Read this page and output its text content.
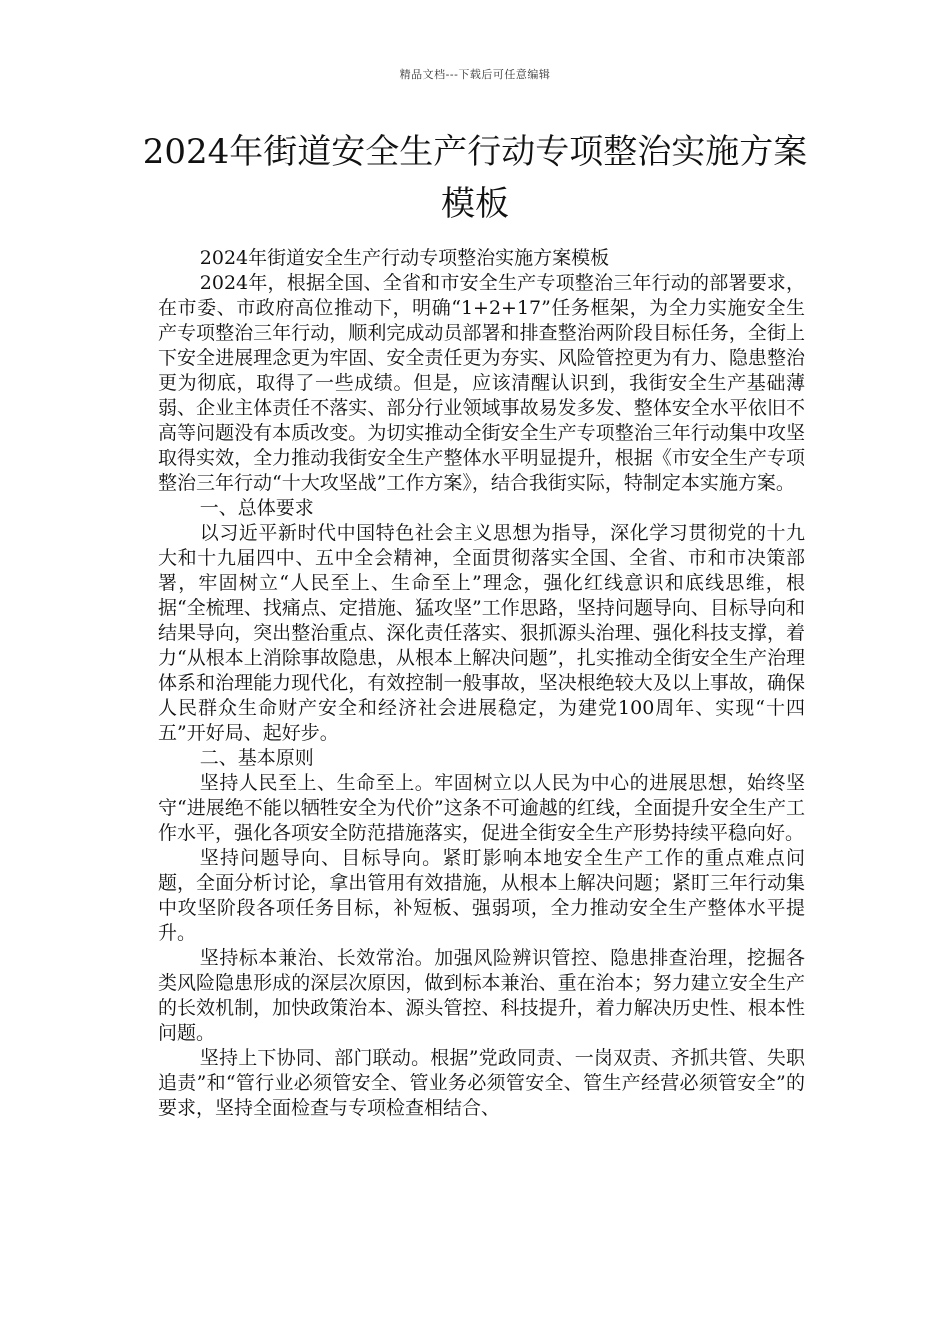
精品文档---下载后可任意编辑
2024年街道安全生产行动专项整治实施方案模板

2024年街道安全生产行动专项整治实施方案模板

2024年，根据全国、全省和市安全生产专项整治三年行动的部署要求，在市委、市政府高位推动下，明确“1+2+17”任务框架，为全力实施安全生产专项整治三年行动，顺利完成动员部署和排查整治两阶段目标任务，全街上下安全进展理念更为牢固、安全责任更为夯实、风险管控更为有力、隐患整治更为彻底，取得了一些成绩。但是，应该清醒认识到，我街安全生产基础薄弱、企业主体责任不落实、部分行业领域事故易发多发、整体安全水平依旧不高等问题没有本质改变。为切实推动全街安全生产专项整治三年行动集中攻坚取得实效，全力推动我街安全生产整体水平明显提升，根据《市安全生产专项整治三年行动“十大攻坚战”工作方案》，结合我街实际，特制定本实施方案。

一、总体要求

以习近平新时代中国特色社会主义思想为指导，深化学习贯彻党的十九大和十九届四中、五中全会精神，全面贯彻落实全国、全省、市和市决策部署，牢固树立“人民至上、生命至上”理念，强化红线意识和底线思维，根据“全梳理、找痛点、定措施、猛攻坚”工作思路，坚持问题导向、目标导向和结果导向，突出整治重点、深化责任落实、狠抓源头治理、强化科技支撑，着力“从根本上消除事故隐患，从根本上解决问题”，扎实推动全街安全生产治理体系和治理能力现代化，有效控制一般事故，坚决根绝较大及以上事故，确保人民群众生命财产安全和经济社会进展稳定，为建党100周年、实现“十四五”开好局、起好步。

二、基本原则

坚持人民至上、生命至上。牢固树立以人民为中心的进展思想，始终坚守“进展绝不能以牺牲安全为代价”这条不可逾越的红线，全面提升安全生产工作水平，强化各项安全防范措施落实，促进全街安全生产形势持续平稳向好。

坚持问题导向、目标导向。紧盯影响本地安全生产工作的重点难点问题，全面分析讨论，拿出管用有效措施，从根本上解决问题；紧盯三年行动集中攻坚阶段各项任务目标，补短板、强弱项，全力推动安全生产整体水平提升。

坚持标本兼治、长效常治。加强风险辨识管控、隐患排查治理，挖掘各类风险隐患形成的深层次原因，做到标本兼治、重在治本；努力建立安全生产的长效机制，加快政策治本、源头管控、科技提升，着力解决历史性、根本性问题。

坚持上下协同、部门联动。根据”党政同责、一岗双责、齐抓共管、失职追责”和“管行业必须管安全、管业务必须管安全、管生产经营必须管安全”的要求，坚持全面检查与专项检查相结合、
